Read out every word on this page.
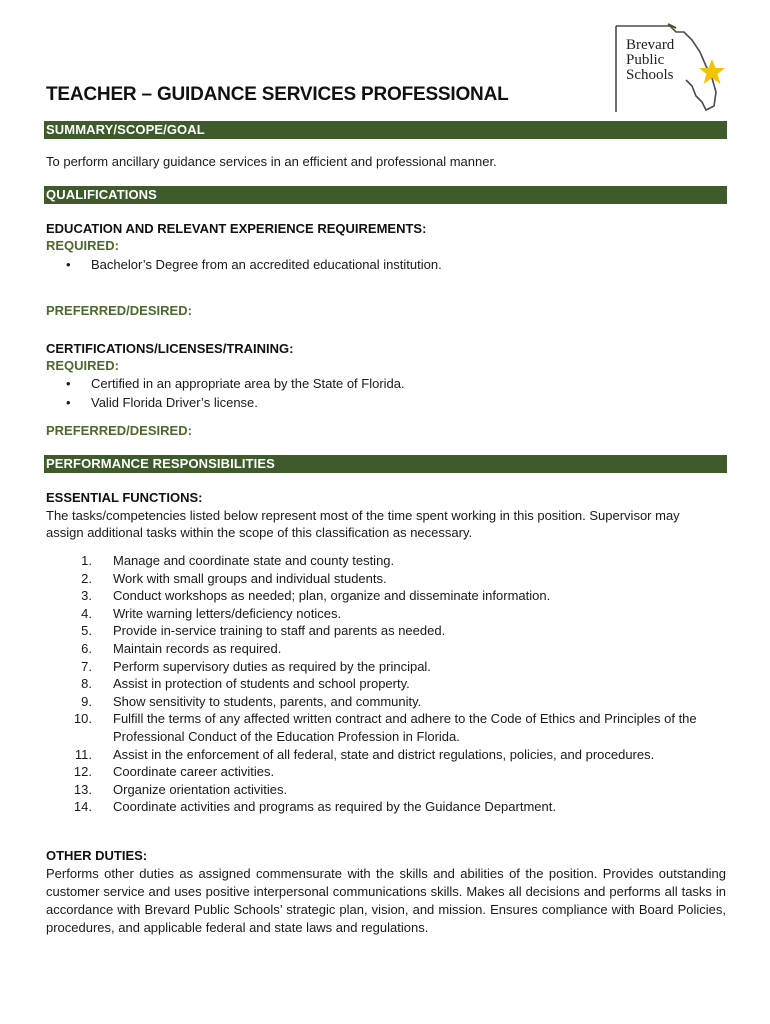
Brevard
Public
Schools
TEACHER – GUIDANCE SERVICES PROFESSIONAL
SUMMARY/SCOPE/GOAL
To perform ancillary guidance services in an efficient and professional manner.
QUALIFICATIONS
EDUCATION AND RELEVANT EXPERIENCE REQUIREMENTS:
REQUIRED:
• Bachelor’s Degree from an accredited educational institution.
PREFERRED/DESIRED:
CERTIFICATIONS/LICENSES/TRAINING:
REQUIRED:
• Certified in an appropriate area by the State of Florida.
• Valid Florida Driver’s license.
PREFERRED/DESIRED:
PERFORMANCE RESPONSIBILITIES
ESSENTIAL FUNCTIONS:
The tasks/competencies listed below represent most of the time spent working in this position. Supervisor may
assign additional tasks within the scope of this classification as necessary.
1. Manage and coordinate state and county testing.
2. Work with small groups and individual students.
3. Conduct workshops as needed; plan, organize and disseminate information.
4. Write warning letters/deficiency notices.
5. Provide in-service training to staff and parents as needed.
6. Maintain records as required.
7. Perform supervisory duties as required by the principal.
8. Assist in protection of students and school property.
9. Show sensitivity to students, parents, and community.
10. Fulfill the terms of any affected written contract and adhere to the Code of Ethics and Principles of the Professional Conduct of the Education Profession in Florida.
11. Assist in the enforcement of all federal, state and district regulations, policies, and procedures.
12. Coordinate career activities.
13. Organize orientation activities.
14. Coordinate activities and programs as required by the Guidance Department.
OTHER DUTIES:
Performs other duties as assigned commensurate with the skills and abilities of the position. Provides outstanding customer service and uses positive interpersonal communications skills. Makes all decisions and performs all tasks in accordance with Brevard Public Schools’ strategic plan, vision, and mission. Ensures compliance with Board Policies, procedures, and applicable federal and state laws and regulations.
